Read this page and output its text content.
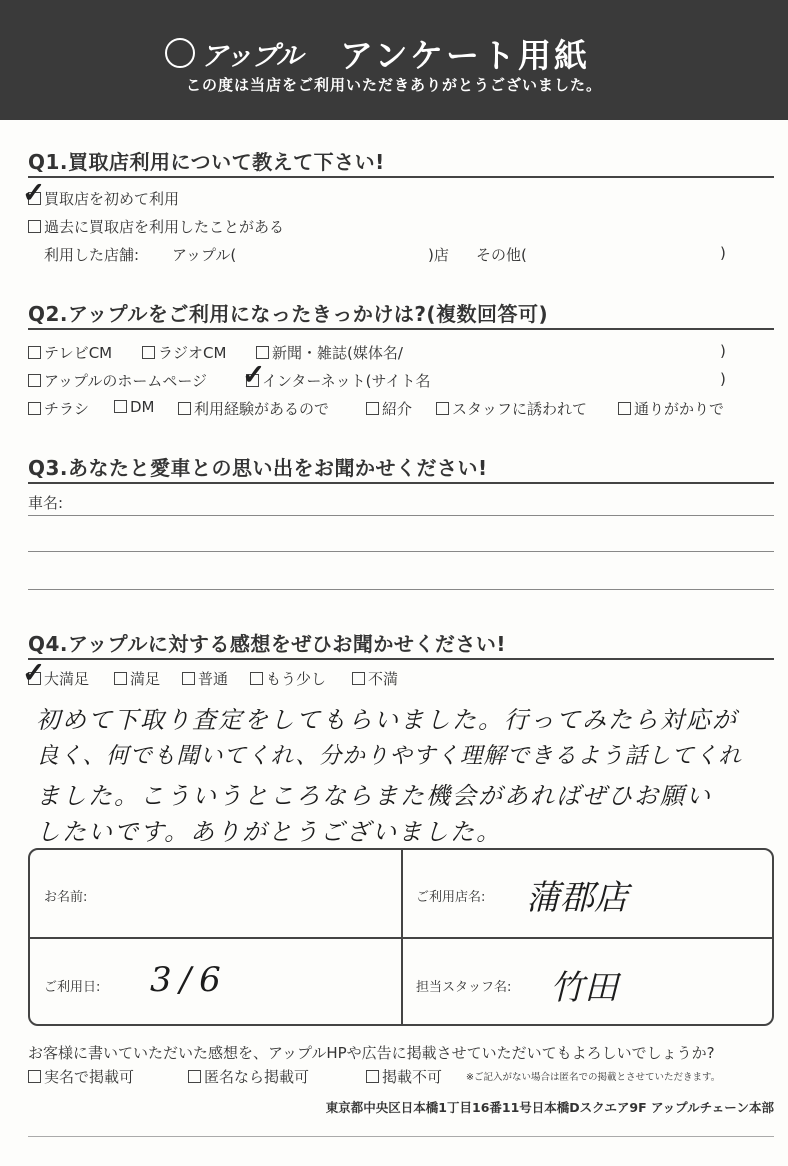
アップル アンケート用紙
この度は当店をご利用いただきありがとうございました。
Q1.買取店利用について教えて下さい!
買取店を初めて利用
✓
過去に買取店を利用したことがある
利用した店舗: アップル(	)店 その他(	)
Q2.アップルをご利用になったきっかけは?(複数回答可)
テレビCM	ラジオCM	新聞・雑誌(媒体名/	)
アップルのホームページ	インターネット(サイト名
✓	)
チラシ	DM	利用経験があるので	紹介	スタッフに誘われて	通りがかりで
Q3.あなたと愛車との思い出をお聞かせください!
車名:
Q4.アップルに対する感想をぜひお聞かせください!
大満足
✓	満足	普通	もう少し	不満
初めて下取り査定をしてもらいました。行ってみたら対応が
良く、何でも聞いてくれ、分かりやすく理解できるよう話してくれ
ました。こういうところならまた機会があればぜひお願い
したいです。ありがとうございました。
お名前:	ご利用店名: 蒲郡店
ご利用日: 3/6	担当スタッフ名: 竹田
お客様に書いていただいた感想を、アップルHPや広告に掲載させていただいてもよろしいでしょうか?
実名で掲載可	匿名なら掲載可	掲載不可	※ご記入がない場合は匿名での掲載とさせていただきます。
東京都中央区日本橋1丁目16番11号日本橋Dスクエア9F アップルチェーン本部
